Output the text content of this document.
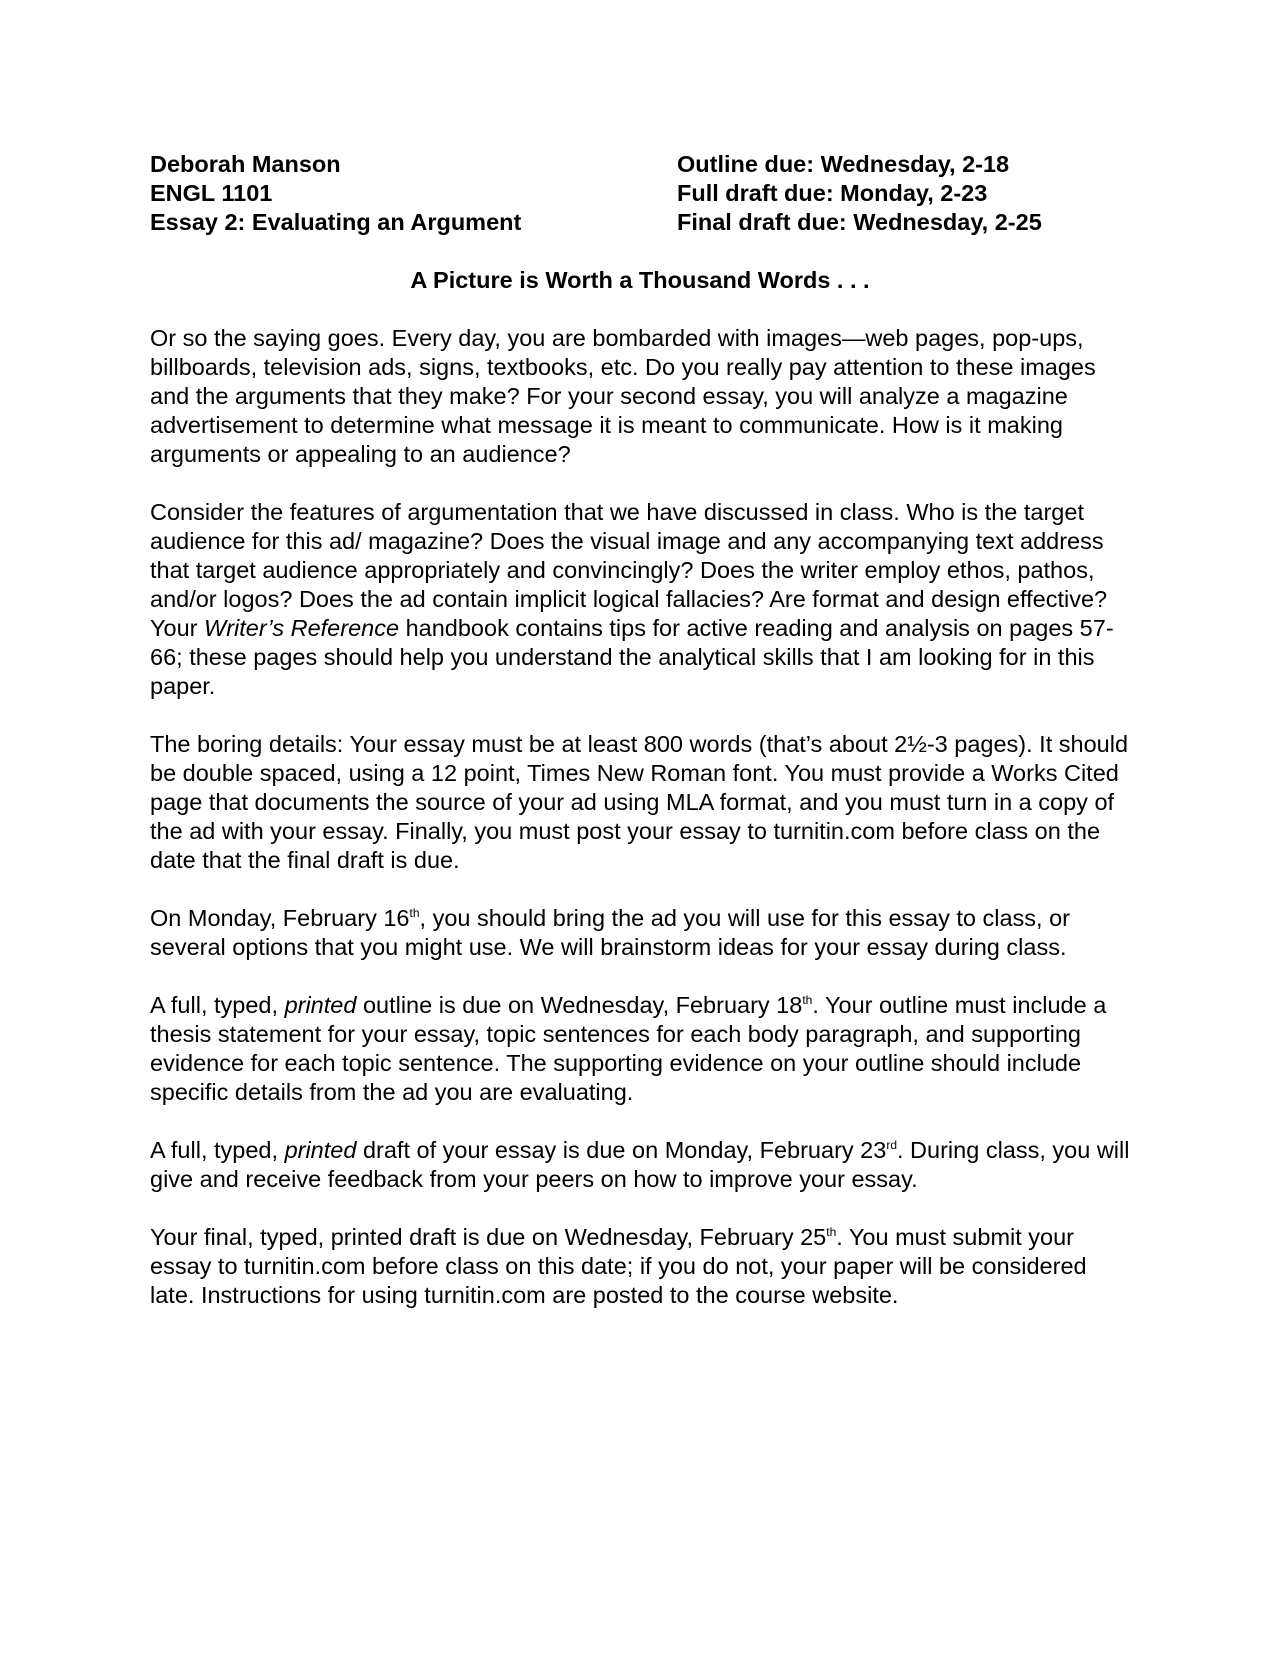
Deborah Manson
ENGL 1101
Essay 2: Evaluating an Argument
Outline due: Wednesday, 2-18
Full draft due: Monday, 2-23
Final draft due: Wednesday, 2-25
A Picture is Worth a Thousand Words . . .

Or so the saying goes. Every day, you are bombarded with images—web pages, pop-ups, billboards, television ads, signs, textbooks, etc. Do you really pay attention to these images and the arguments that they make? For your second essay, you will analyze a magazine advertisement to determine what message it is meant to communicate. How is it making arguments or appealing to an audience?

Consider the features of argumentation that we have discussed in class. Who is the target audience for this ad/ magazine? Does the visual image and any accompanying text address that target audience appropriately and convincingly? Does the writer employ ethos, pathos, and/or logos? Does the ad contain implicit logical fallacies? Are format and design effective? Your Writer’s Reference handbook contains tips for active reading and analysis on pages 57-66; these pages should help you understand the analytical skills that I am looking for in this paper.

The boring details: Your essay must be at least 800 words (that’s about 2½-3 pages). It should be double spaced, using a 12 point, Times New Roman font. You must provide a Works Cited page that documents the source of your ad using MLA format, and you must turn in a copy of the ad with your essay. Finally, you must post your essay to turnitin.com before class on the date that the final draft is due.

On Monday, February 16th, you should bring the ad you will use for this essay to class, or several options that you might use. We will brainstorm ideas for your essay during class.

A full, typed, printed outline is due on Wednesday, February 18th. Your outline must include a thesis statement for your essay, topic sentences for each body paragraph, and supporting evidence for each topic sentence. The supporting evidence on your outline should include specific details from the ad you are evaluating.

A full, typed, printed draft of your essay is due on Monday, February 23rd. During class, you will give and receive feedback from your peers on how to improve your essay.

Your final, typed, printed draft is due on Wednesday, February 25th. You must submit your essay to turnitin.com before class on this date; if you do not, your paper will be considered late. Instructions for using turnitin.com are posted to the course website.
